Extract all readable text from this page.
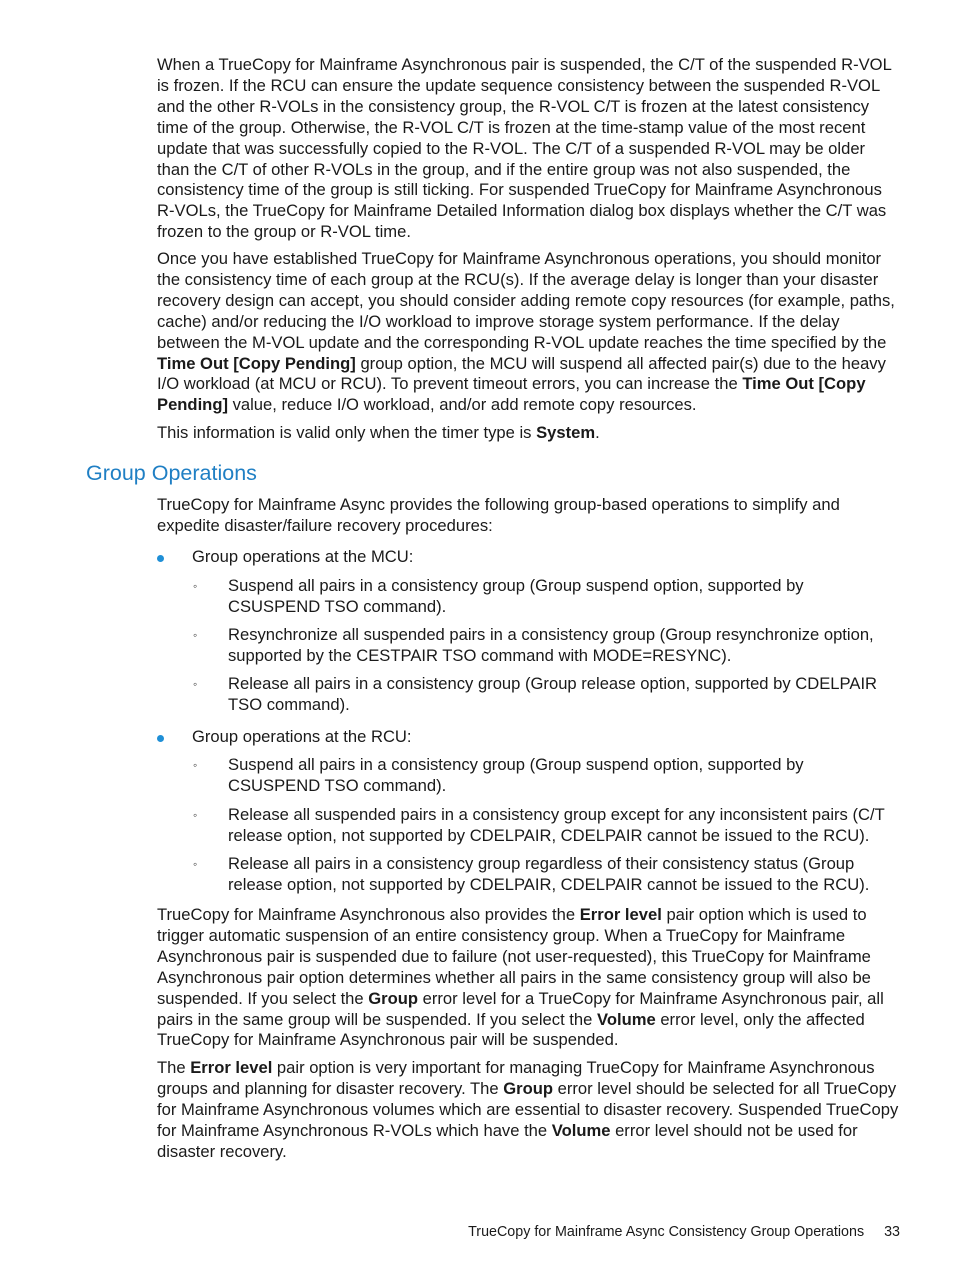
When a TrueCopy for Mainframe Asynchronous pair is suspended, the C/T of the suspended R-VOL is frozen. If the RCU can ensure the update sequence consistency between the suspended R-VOL and the other R-VOLs in the consistency group, the R-VOL C/T is frozen at the latest consistency time of the group. Otherwise, the R-VOL C/T is frozen at the time-stamp value of the most recent update that was successfully copied to the R-VOL. The C/T of a suspended R-VOL may be older than the C/T of other R-VOLs in the group, and if the entire group was not also suspended, the consistency time of the group is still ticking. For suspended TrueCopy for Mainframe Asynchronous R-VOLs, the TrueCopy for Mainframe Detailed Information dialog box displays whether the C/T was frozen to the group or R-VOL time.

Once you have established TrueCopy for Mainframe Asynchronous operations, you should monitor the consistency time of each group at the RCU(s). If the average delay is longer than your disaster recovery design can accept, you should consider adding remote copy resources (for example, paths, cache) and/or reducing the I/O workload to improve storage system performance. If the delay between the M-VOL update and the corresponding R-VOL update reaches the time specified by the Time Out [Copy Pending] group option, the MCU will suspend all affected pair(s) due to the heavy I/O workload (at MCU or RCU). To prevent timeout errors, you can increase the Time Out [Copy Pending] value, reduce I/O workload, and/or add remote copy resources.

This information is valid only when the timer type is System.

Group Operations

TrueCopy for Mainframe Async provides the following group-based operations to simplify and expedite disaster/failure recovery procedures:

Group operations at the MCU:

◦ Suspend all pairs in a consistency group (Group suspend option, supported by CSUSPEND TSO command).

◦ Resynchronize all suspended pairs in a consistency group (Group resynchronize option, supported by the CESTPAIR TSO command with MODE=RESYNC).

◦ Release all pairs in a consistency group (Group release option, supported by CDELPAIR TSO command).

Group operations at the RCU:

◦ Suspend all pairs in a consistency group (Group suspend option, supported by CSUSPEND TSO command).

◦ Release all suspended pairs in a consistency group except for any inconsistent pairs (C/T release option, not supported by CDELPAIR, CDELPAIR cannot be issued to the RCU).

◦ Release all pairs in a consistency group regardless of their consistency status (Group release option, not supported by CDELPAIR, CDELPAIR cannot be issued to the RCU).

TrueCopy for Mainframe Asynchronous also provides the Error level pair option which is used to trigger automatic suspension of an entire consistency group. When a TrueCopy for Mainframe Asynchronous pair is suspended due to failure (not user-requested), this TrueCopy for Mainframe Asynchronous pair option determines whether all pairs in the same consistency group will also be suspended. If you select the Group error level for a TrueCopy for Mainframe Asynchronous pair, all pairs in the same group will be suspended. If you select the Volume error level, only the affected TrueCopy for Mainframe Asynchronous pair will be suspended.

The Error level pair option is very important for managing TrueCopy for Mainframe Asynchronous groups and planning for disaster recovery. The Group error level should be selected for all TrueCopy for Mainframe Asynchronous volumes which are essential to disaster recovery. Suspended TrueCopy for Mainframe Asynchronous R-VOLs which have the Volume error level should not be used for disaster recovery.

TrueCopy for Mainframe Async Consistency Group Operations 33
